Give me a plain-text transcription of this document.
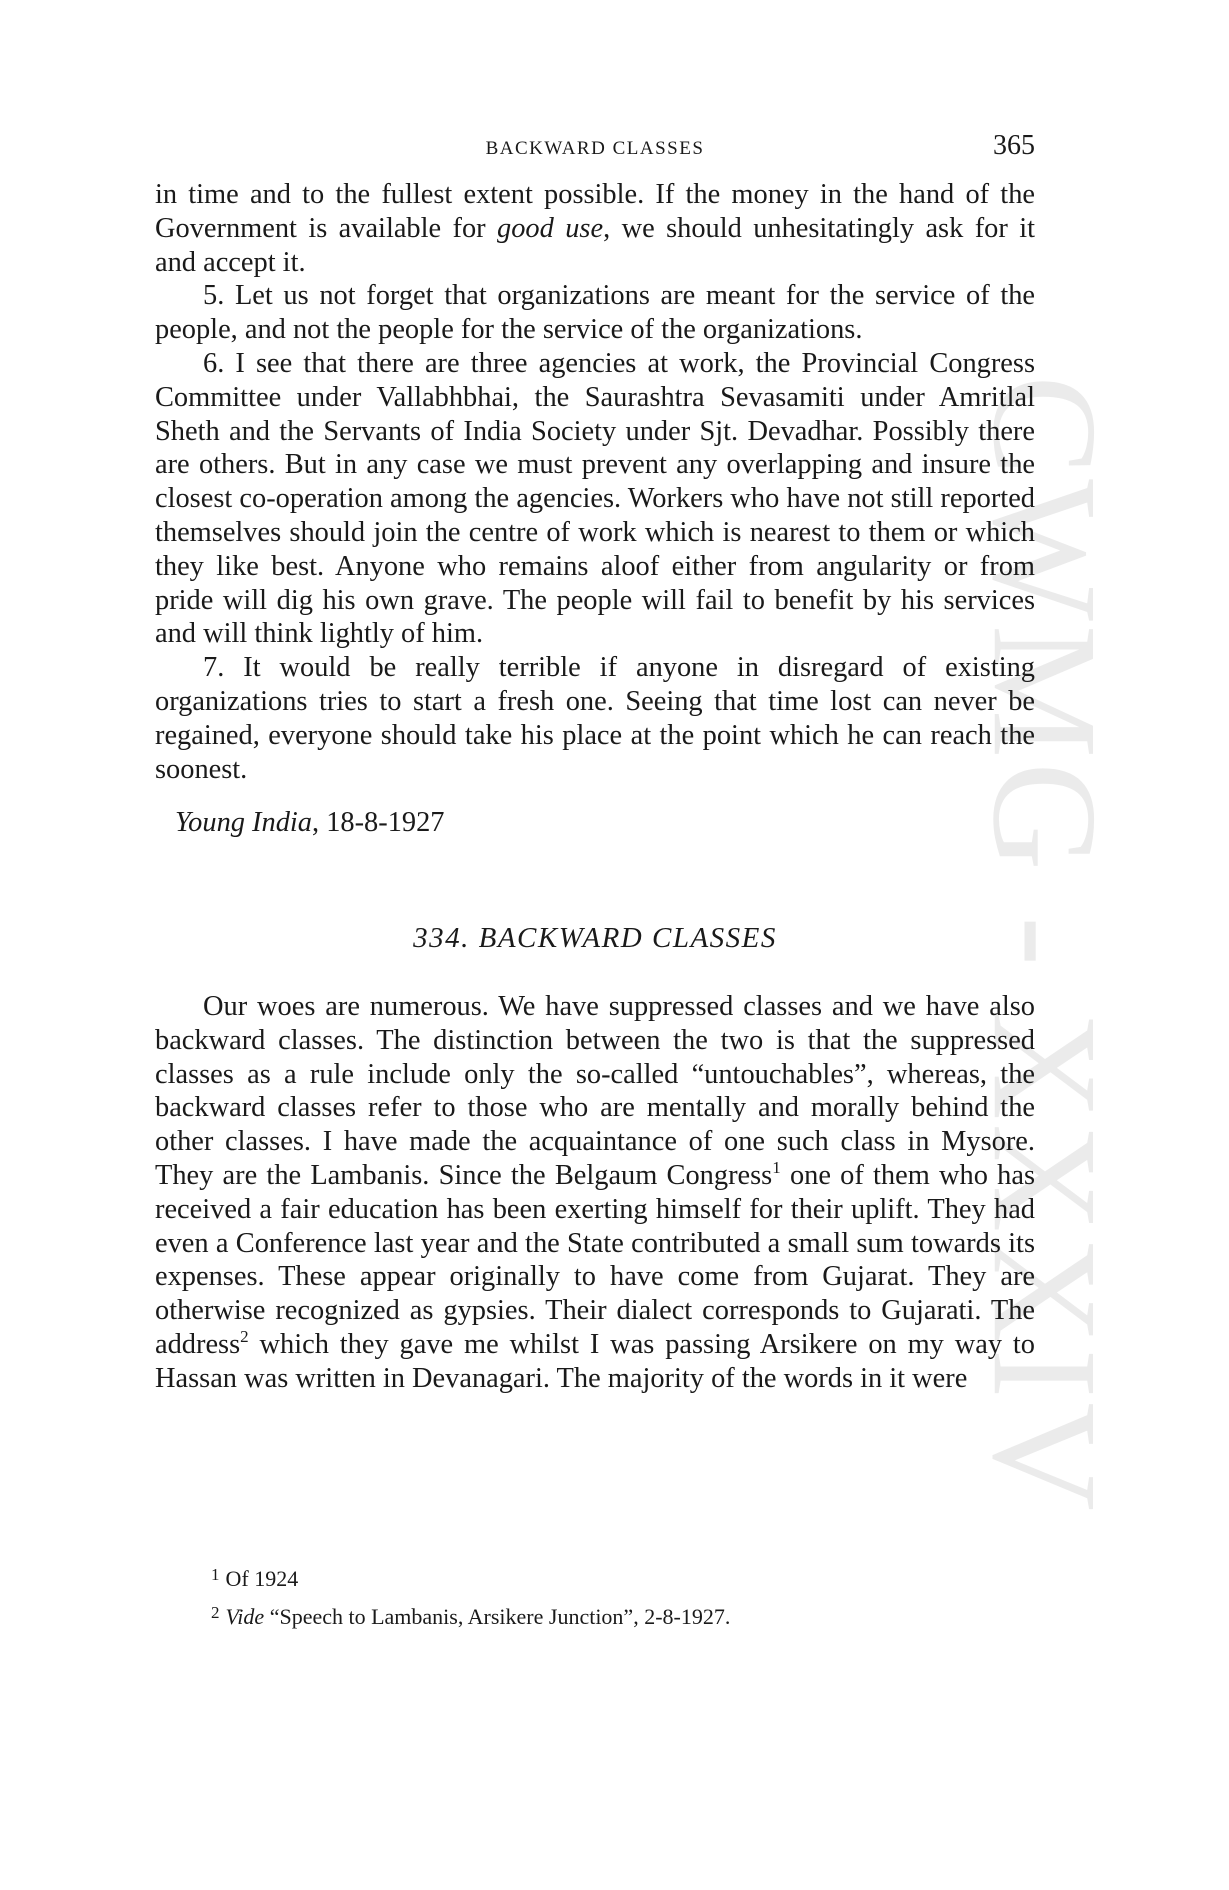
CWMG - XXXIV
BACKWARD CLASSES	365

in time and to the fullest extent possible. If the money in the hand of the Government is available for good use, we should unhesitatingly ask for it and accept it.

5. Let us not forget that organizations are meant for the service of the people, and not the people for the service of the organizations.

6. I see that there are three agencies at work, the Provincial Congress Committee under Vallabhbhai, the Saurashtra Sevasamiti under Amritlal Sheth and the Servants of India Society under Sjt. Devadhar. Possibly there are others. But in any case we must prevent any overlapping and insure the closest co-operation among the agencies. Workers who have not still reported themselves should join the centre of work which is nearest to them or which they like best. Anyone who remains aloof either from angularity or from pride will dig his own grave. The people will fail to benefit by his services and will think lightly of him.

7. It would be really terrible if anyone in disregard of existing organizations tries to start a fresh one. Seeing that time lost can never be regained, everyone should take his place at the point which he can reach the soonest.

Young India, 18-8-1927

334. BACKWARD CLASSES

Our woes are numerous. We have suppressed classes and we have also backward classes. The distinction between the two is that the suppressed classes as a rule include only the so-called “untouchables”, whereas, the backward classes refer to those who are mentally and morally behind the other classes. I have made the acquaintance of one such class in Mysore. They are the Lambanis. Since the Belgaum Congress$^1$ one of them who has received a fair education has been exerting himself for their uplift. They had even a Conference last year and the State contributed a small sum towards its expenses. These appear originally to have come from Gujarat. They are otherwise recognized as gypsies. Their dialect corresponds to Gujarati. The address$^2$ which they gave me whilst I was passing Arsikere on my way to Hassan was written in Devanagari. The majority of the words in it were

$^1$ Of 1924
$^2$ Vide “Speech to Lambanis, Arsikere Junction”, 2-8-1927.
